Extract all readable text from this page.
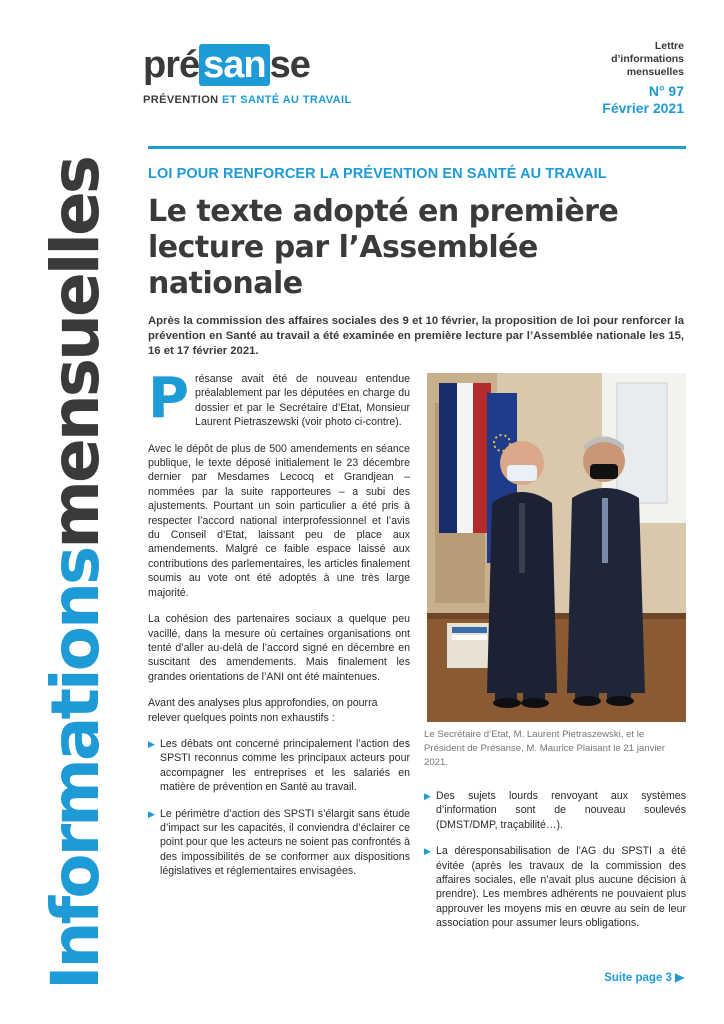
Informationsmensuelles
pré san se
PRÉVENTION ET SANTÉ AU TRAVAIL
Lettre
d’informations
mensuelles
N° 97
Février 2021
LOI POUR RENFORCER LA PRÉVENTION EN SANTÉ AU TRAVAIL
Le texte adopté en première lecture par l’Assemblée nationale
Après la commission des affaires sociales des 9 et 10 février, la proposition de loi pour renforcer la prévention en Santé au travail a été examinée en première lecture par l’Assemblée nationale les 15, 16 et 17 février 2021.

Présanse avait été de nouveau entendue préalablement par les députées en charge du dossier et par le Secrétaire d’Etat, Monsieur Laurent Pietraszewski (voir photo ci-contre).

Avec le dépôt de plus de 500 amendements en séance publique, le texte déposé initialement le 23 décembre dernier par Mesdames Lecocq et Grandjean – nommées par la suite rapporteures – a subi des ajustements. Pourtant un soin particulier a été pris à respecter l’accord national interprofessionnel et l’avis du Conseil d’Etat, laissant peu de place aux amendements. Malgré ce faible espace laissé aux contributions des parlementaires, les articles finalement soumis au vote ont été adoptés à une très large majorité.

La cohésion des partenaires sociaux a quelque peu vacillé, dans la mesure où certaines organisations ont tenté d’aller au-delà de l’accord signé en décembre en suscitant des amendements. Mais finalement les grandes orientations de l’ANI ont été maintenues.

Avant des analyses plus approfondies, on pourra relever quelques points non exhaustifs :

▶ Les débats ont concerné principalement l’action des SPSTI reconnus comme les principaux acteurs pour accompagner les entreprises et les salariés en matière de prévention en Santé au travail.
▶ Le périmètre d’action des SPSTI s’élargit sans étude d’impact sur les capacités, il conviendra d’éclairer ce point pour que les acteurs ne soient pas confrontés à des impossibilités de se conformer aux dispositions législatives et réglementaires envisagées.
Le Secrétaire d’Etat, M. Laurent Pietraszewski, et le Président de Présanse, M. Maurice Plaisant le 21 janvier 2021.
▶ Des sujets lourds renvoyant aux systèmes d’information sont de nouveau soulevés (DMST/DMP, traçabilité…).
▶ La déresponsabilisation de l’AG du SPSTI a été évitée (après les travaux de la commission des affaires sociales, elle n’avait plus aucune décision à prendre). Les membres adhérents ne pouvaient plus approuver les moyens mis en œuvre au sein de leur association pour assumer leurs obligations.
Suite page 3 ▶
